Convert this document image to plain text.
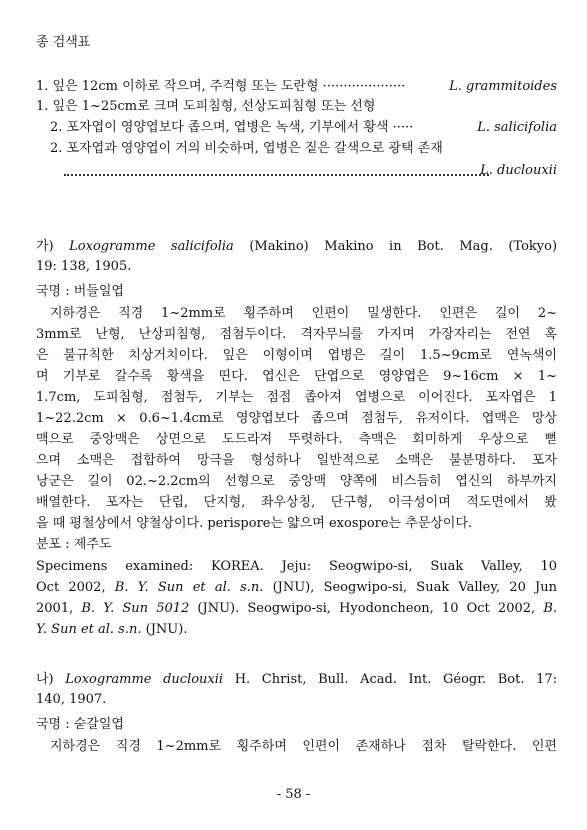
종 검색표
1. 잎은 12cm 이하로 작으며, 주걱형 또는 도란형 ····················	L. grammitoides
1. 잎은 1~25cm로 크며 도피침형, 선상도피침형 또는 선형
2. 포자엽이 영양엽보다 좁으며, 엽병은 녹색, 기부에서 황색 ·····	L. salicifolia
2. 포자엽과 영양엽이 거의 비슷하며, 엽병은 짙은 갈색으로 광택 존재
L. duclouxii
가) Loxogramme salicifolia (Makino) Makino in Bot. Mag. (Tokyo)
19: 138, 1905.
국명 : 버들일엽
지하경은 직경 1~2mm로 횡주하며 인편이 밀생한다. 인편은 길이 2~
3mm로 난형, 난상피침형, 점첨두이다. 격자무늬를 가지며 가장자리는 전연 혹
은 불규칙한 치상거치이다. 잎은 이형이며 엽병은 길이 1.5~9cm로 연녹색이
며 기부로 갈수록 황색을 띤다. 엽신은 단엽으로 영양엽은 9~16cm × 1~
1.7cm, 도피침형, 점첨두, 기부는 점점 좁아져 엽병으로 이어진다. 포자엽은 1
1~22.2cm × 0.6~1.4cm로 영양엽보다 좁으며 점첨두, 유저이다. 엽맥은 망상
맥으로 중앙맥은 상면으로 도드라져 뚜렷하다. 측맥은 회미하게 우상으로 뻗
으며 소맥은 접합하여 망극을 형성하나 일반적으로 소맥은 불분명하다. 포자
낭군은 길이 02.~2.2cm의 선형으로 중앙맥 양쪽에 비스듬히 엽신의 하부까지
배열한다. 포자는 단립, 단지형, 좌우상칭, 단구형, 이극성이며 적도면에서 봤
을 때 평철상에서 양철상이다. perispore는 얇으며 exospore는 추문상이다.
분포 : 제주도
Specimens examined: KOREA. Jeju: Seogwipo-si, Suak Valley, 10
Oct 2002, B. Y. Sun et al. s.n. (JNU), Seogwipo-si, Suak Valley, 20 Jun
2001, B. Y. Sun 5012 (JNU). Seogwipo-si, Hyodoncheon, 10 Oct 2002, B.
Y. Sun et al. s.n. (JNU).
나) Loxogramme duclouxii H. Christ, Bull. Acad. Int. Géogr. Bot. 17:
140, 1907.
국명 : 숟갈일엽
지하경은 직경 1~2mm로 횡주하며 인편이 존재하나 점차 탈락한다. 인편
- 58 -
